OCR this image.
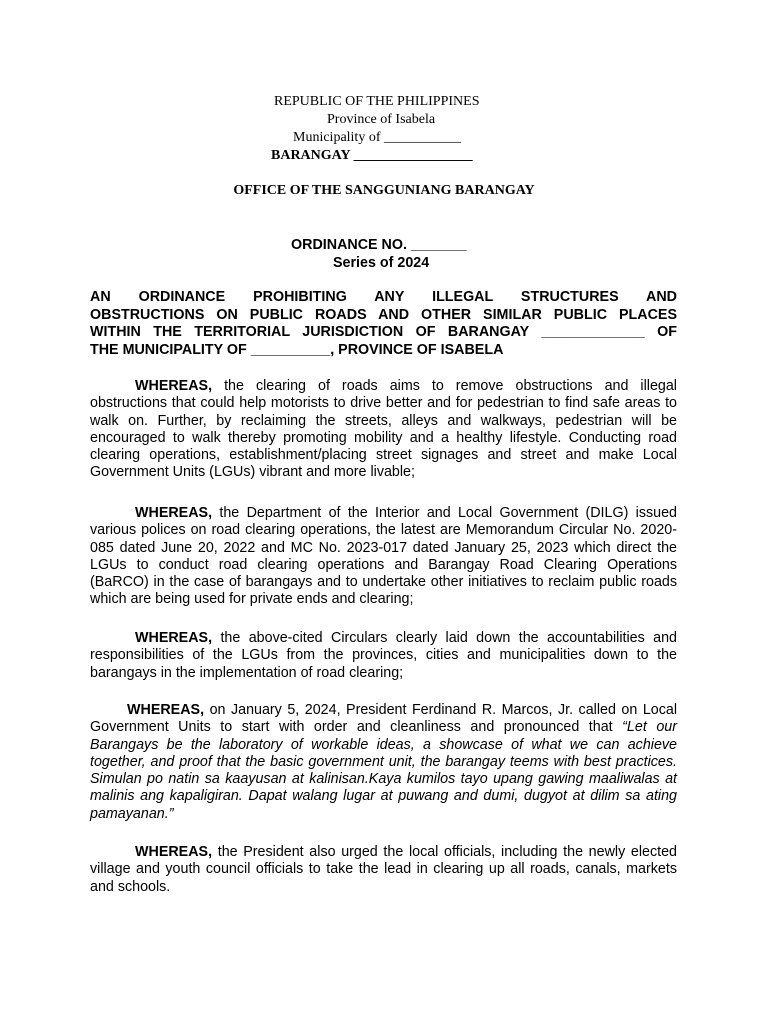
REPUBLIC OF THE PHILIPPINES
Province of Isabela
Municipality of ___________
BARANGAY _________________
OFFICE OF THE SANGGUNIANG BARANGAY
ORDINANCE NO. _______
Series of 2024
AN ORDINANCE PROHIBITING ANY ILLEGAL STRUCTURES AND
OBSTRUCTIONS ON PUBLIC ROADS AND OTHER SIMILAR PUBLIC PLACES
WITHIN THE TERRITORIAL JURISDICTION OF BARANGAY _____________ OF
THE MUNICIPALITY OF __________, PROVINCE OF ISABELA
WHEREAS, the clearing of roads aims to remove obstructions and illegal obstructions that could help motorists to drive better and for pedestrian to find safe areas to walk on. Further, by reclaiming the streets, alleys and walkways, pedestrian will be encouraged to walk thereby promoting mobility and a healthy lifestyle. Conducting road clearing operations, establishment/placing street signages and street and make Local Government Units (LGUs) vibrant and more livable;
WHEREAS, the Department of the Interior and Local Government (DILG) issued various polices on road clearing operations, the latest are Memorandum Circular No. 2020-085 dated June 20, 2022 and MC No. 2023-017 dated January 25, 2023 which direct the LGUs to conduct road clearing operations and Barangay Road Clearing Operations (BaRCO) in the case of barangays and to undertake other initiatives to reclaim public roads which are being used for private ends and clearing;
WHEREAS, the above-cited Circulars clearly laid down the accountabilities and responsibilities of the LGUs from the provinces, cities and municipalities down to the barangays in the implementation of road clearing;
WHEREAS, on January 5, 2024, President Ferdinand R. Marcos, Jr. called on Local Government Units to start with order and cleanliness and pronounced that “Let our Barangays be the laboratory of workable ideas, a showcase of what we can achieve together, and proof that the basic government unit, the barangay teems with best practices. Simulan po natin sa kaayusan at kalinisan.Kaya kumilos tayo upang gawing maaliwalas at malinis ang kapaligiran. Dapat walang lugar at puwang and dumi, dugyot at dilim sa ating pamayanan.”
WHEREAS, the President also urged the local officials, including the newly elected village and youth council officials to take the lead in clearing up all roads, canals, markets and schools.
